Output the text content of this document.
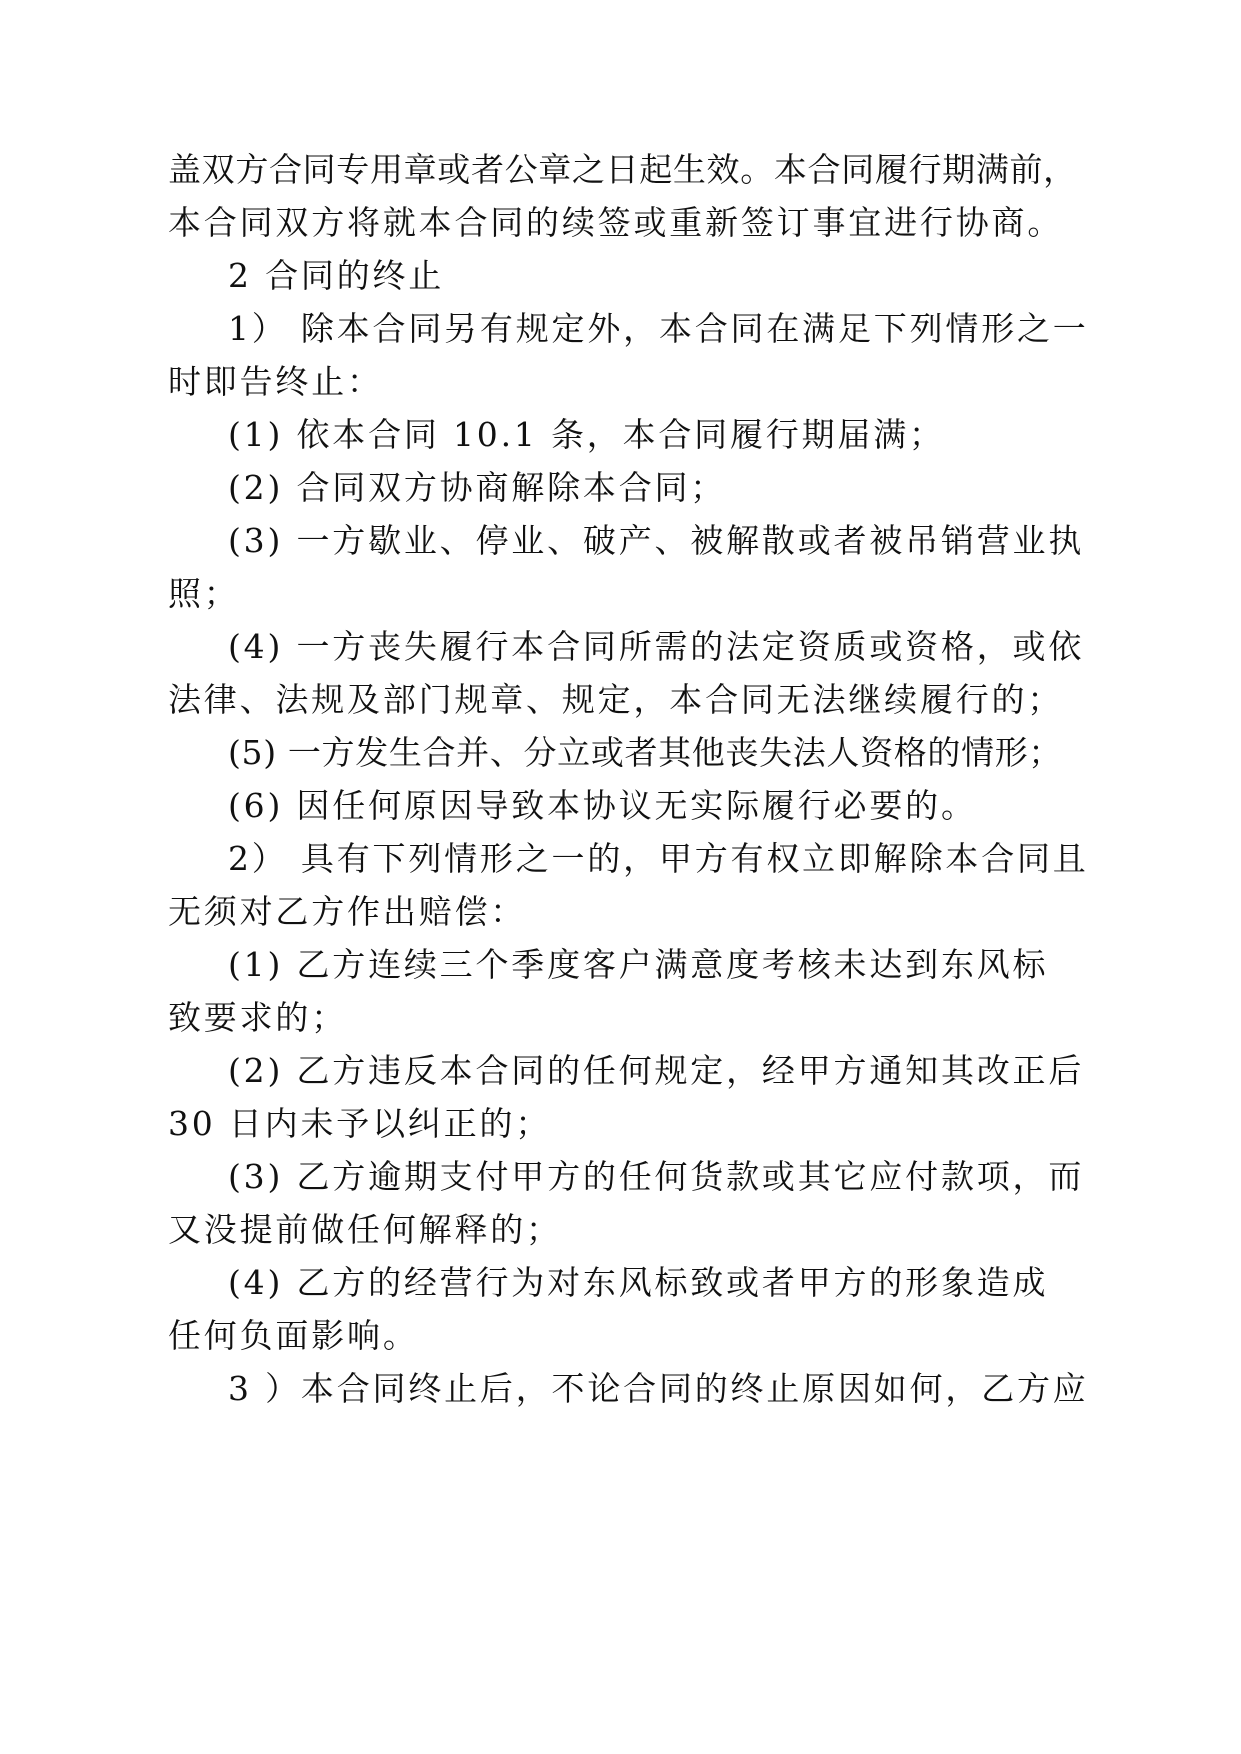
盖双方合同专用章或者公章之日起生效。本合同履行期满前，
本合同双方将就本合同的续签或重新签订事宜进行协商。
2 合同的终止
1） 除本合同另有规定外，本合同在满足下列情形之一
时即告终止：
(1) 依本合同 10.1 条，本合同履行期届满；
(2) 合同双方协商解除本合同；
(3) 一方歇业、停业、破产、被解散或者被吊销营业执
照；
(4) 一方丧失履行本合同所需的法定资质或资格，或依
法律、法规及部门规章、规定，本合同无法继续履行的；
(5) 一方发生合并、分立或者其他丧失法人资格的情形；
(6) 因任何原因导致本协议无实际履行必要的。
2） 具有下列情形之一的，甲方有权立即解除本合同且
无须对乙方作出赔偿：
(1) 乙方连续三个季度客户满意度考核未达到东风标
致要求的；
(2) 乙方违反本合同的任何规定，经甲方通知其改正后
30 日内未予以纠正的；
(3) 乙方逾期支付甲方的任何货款或其它应付款项，而
又没提前做任何解释的；
(4) 乙方的经营行为对东风标致或者甲方的形象造成
任何负面影响。
3 ）本合同终止后，不论合同的终止原因如何，乙方应
